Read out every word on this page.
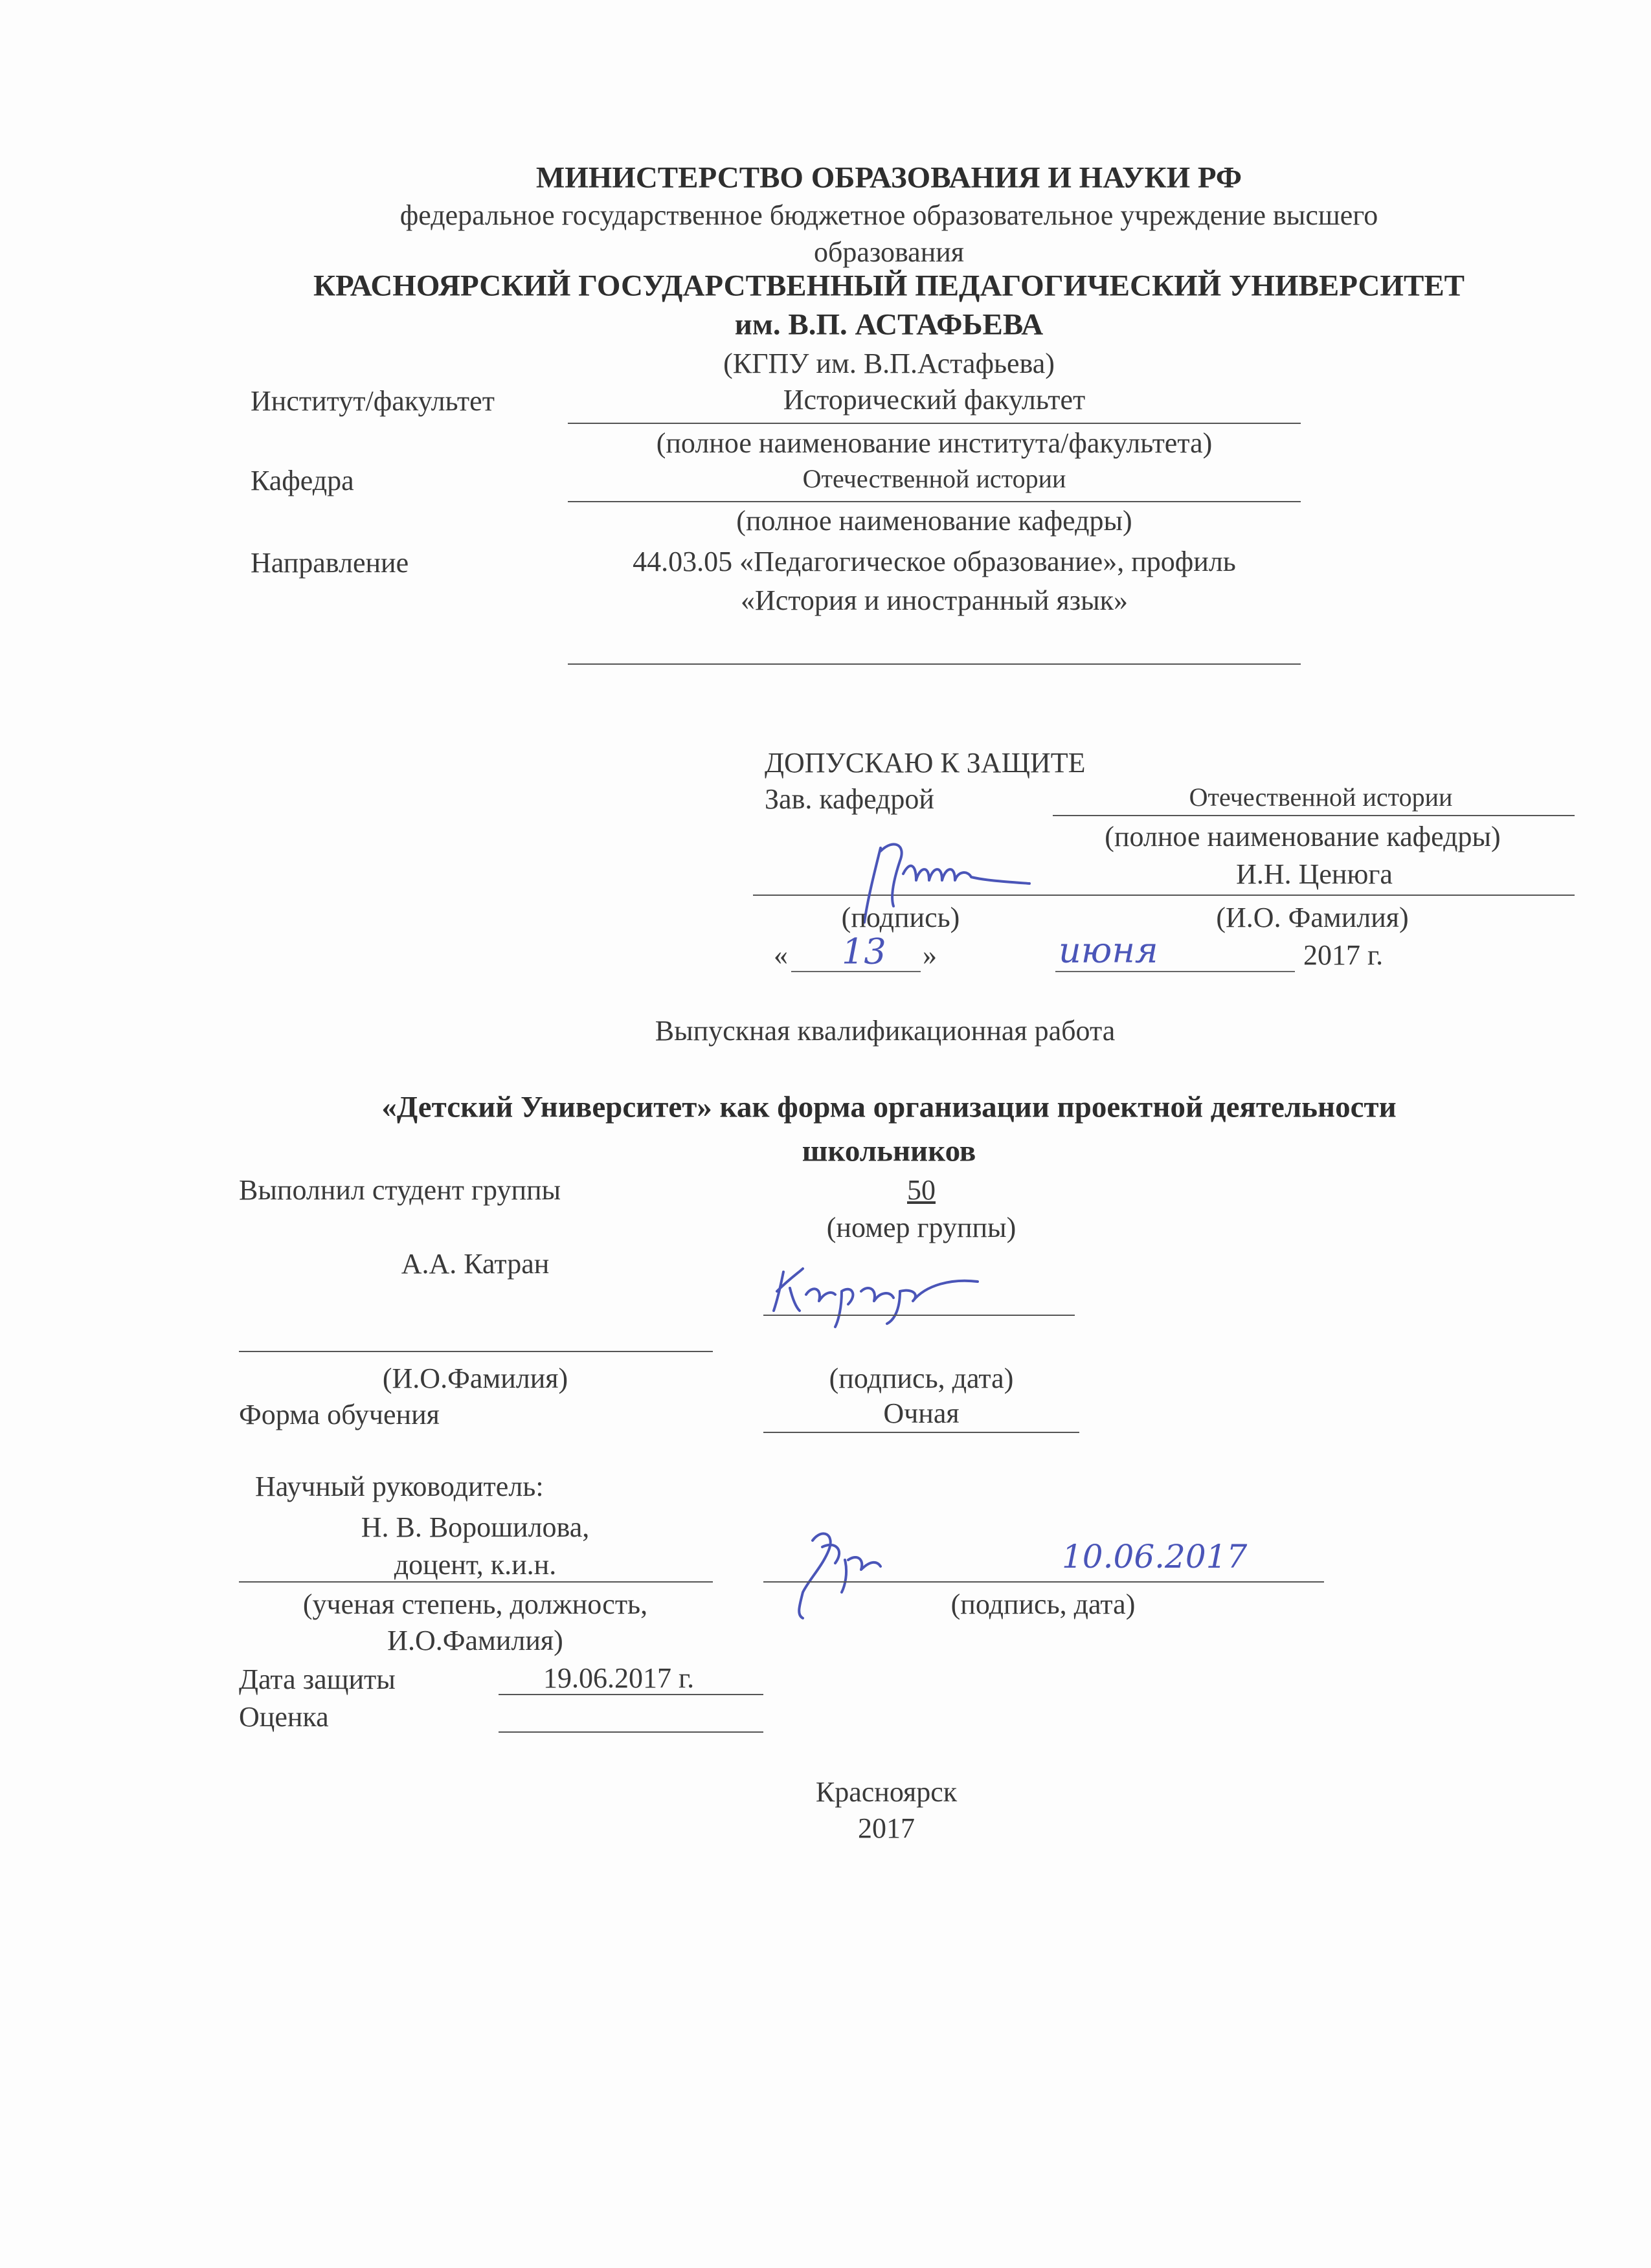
МИНИСТЕРСТВО ОБРАЗОВАНИЯ И НАУКИ РФ
федеральное государственное бюджетное образовательное учреждение высшего
образования
КРАСНОЯРСКИЙ ГОСУДАРСТВЕННЫЙ ПЕДАГОГИЧЕСКИЙ УНИВЕРСИТЕТ
им. В.П. АСТАФЬЕВА
(КГПУ им. В.П.Астафьева)
Институт/факультет	Исторический факультет
(полное наименование института/факультета)
Кафедра	Отечественной истории
(полное наименование кафедры)
Направление	44.03.05 «Педагогическое образование», профиль
«История и иностранный язык»
ДОПУСКАЮ К ЗАЩИТЕ
Зав. кафедрой	Отечественной истории
(полное наименование кафедры)
И.Н. Ценюга
(подпись)	(И.О. Фамилия)
« 13 »	июня	2017 г.
Выпускная квалификационная работа
«Детский Университет» как форма организации проектной деятельности
школьников
Выполнил студент группы	50
(номер группы)
А.А. Катран
(И.О.Фамилия)	(подпись, дата)
Форма обучения	Очная
Научный руководитель:
Н. В. Ворошилова,
доцент, к.и.н.	10.06.2017
(ученая степень, должность,
И.О.Фамилия)
(подпись, дата)
Дата защиты	19.06.2017 г.
Оценка
Красноярск
2017
